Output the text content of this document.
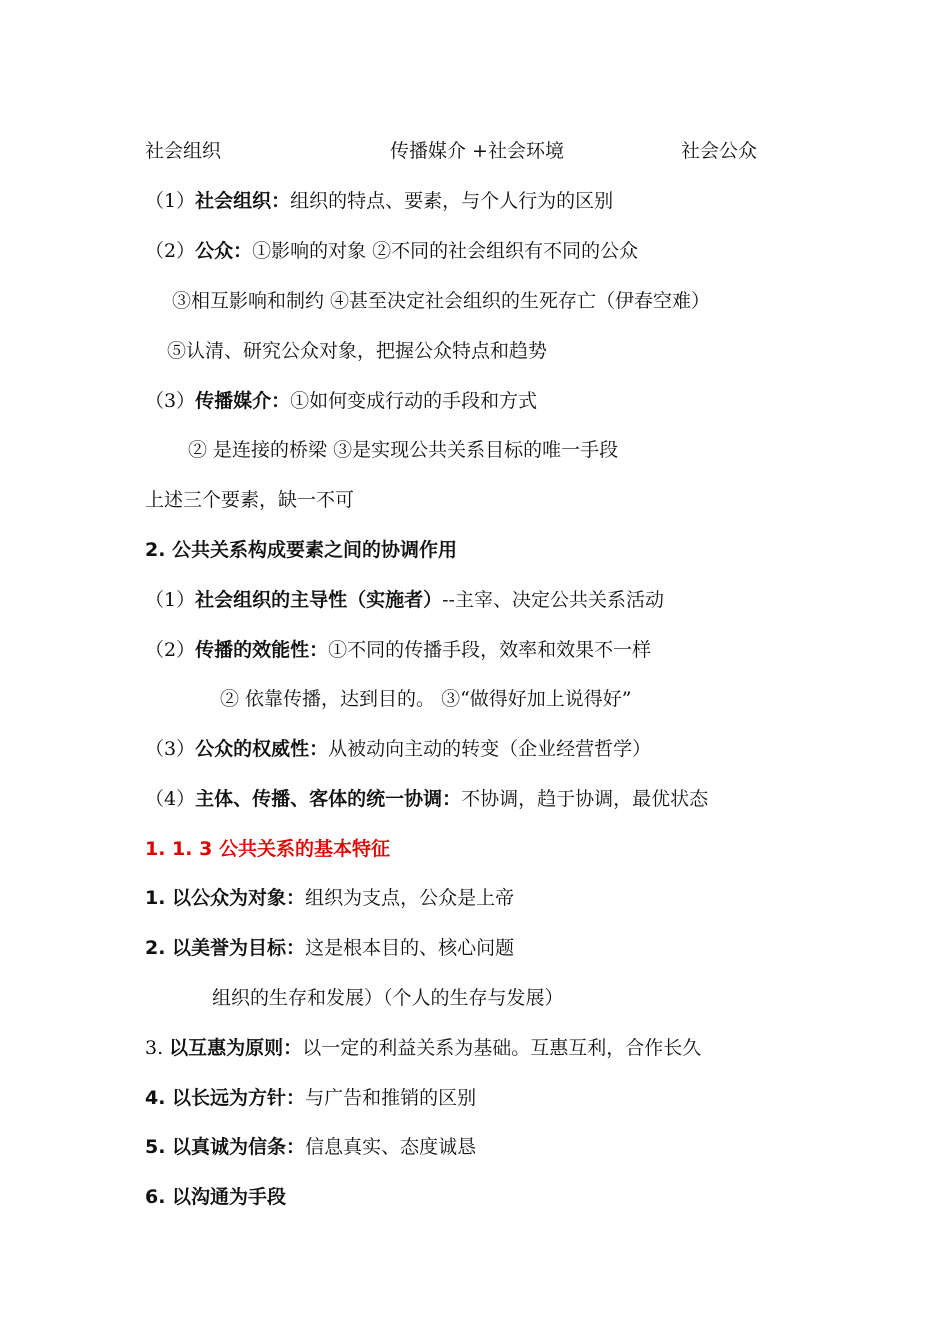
社会组织	传播媒介 +社会环境	社会公众
（1）社会组织：组织的特点、要素，与个人行为的区别
（2）公众：①影响的对象 ②不同的社会组织有不同的公众
③相互影响和制约 ④甚至决定社会组织的生死存亡（伊春空难）
⑤认清、研究公众对象，把握公众特点和趋势
（3）传播媒介：①如何变成行动的手段和方式
② 是连接的桥梁 ③是实现公共关系目标的唯一手段
上述三个要素，缺一不可
2. 公共关系构成要素之间的协调作用
（1）社会组织的主导性（实施者）--主宰、决定公共关系活动
（2）传播的效能性：①不同的传播手段，效率和效果不一样
② 依靠传播，达到目的。 ③“做得好加上说得好”
（3）公众的权威性：从被动向主动的转变（企业经营哲学）
（4）主体、传播、客体的统一协调：不协调，趋于协调，最优状态
1. 1. 3 公共关系的基本特征
1. 以公众为对象：组织为支点，公众是上帝
2. 以美誉为目标：这是根本目的、核心问题
组织的生存和发展）（个人的生存与发展）
3. 以互惠为原则：以一定的利益关系为基础。互惠互利，合作长久
4. 以长远为方针：与广告和推销的区别
5. 以真诚为信条：信息真实、态度诚恳
6. 以沟通为手段
